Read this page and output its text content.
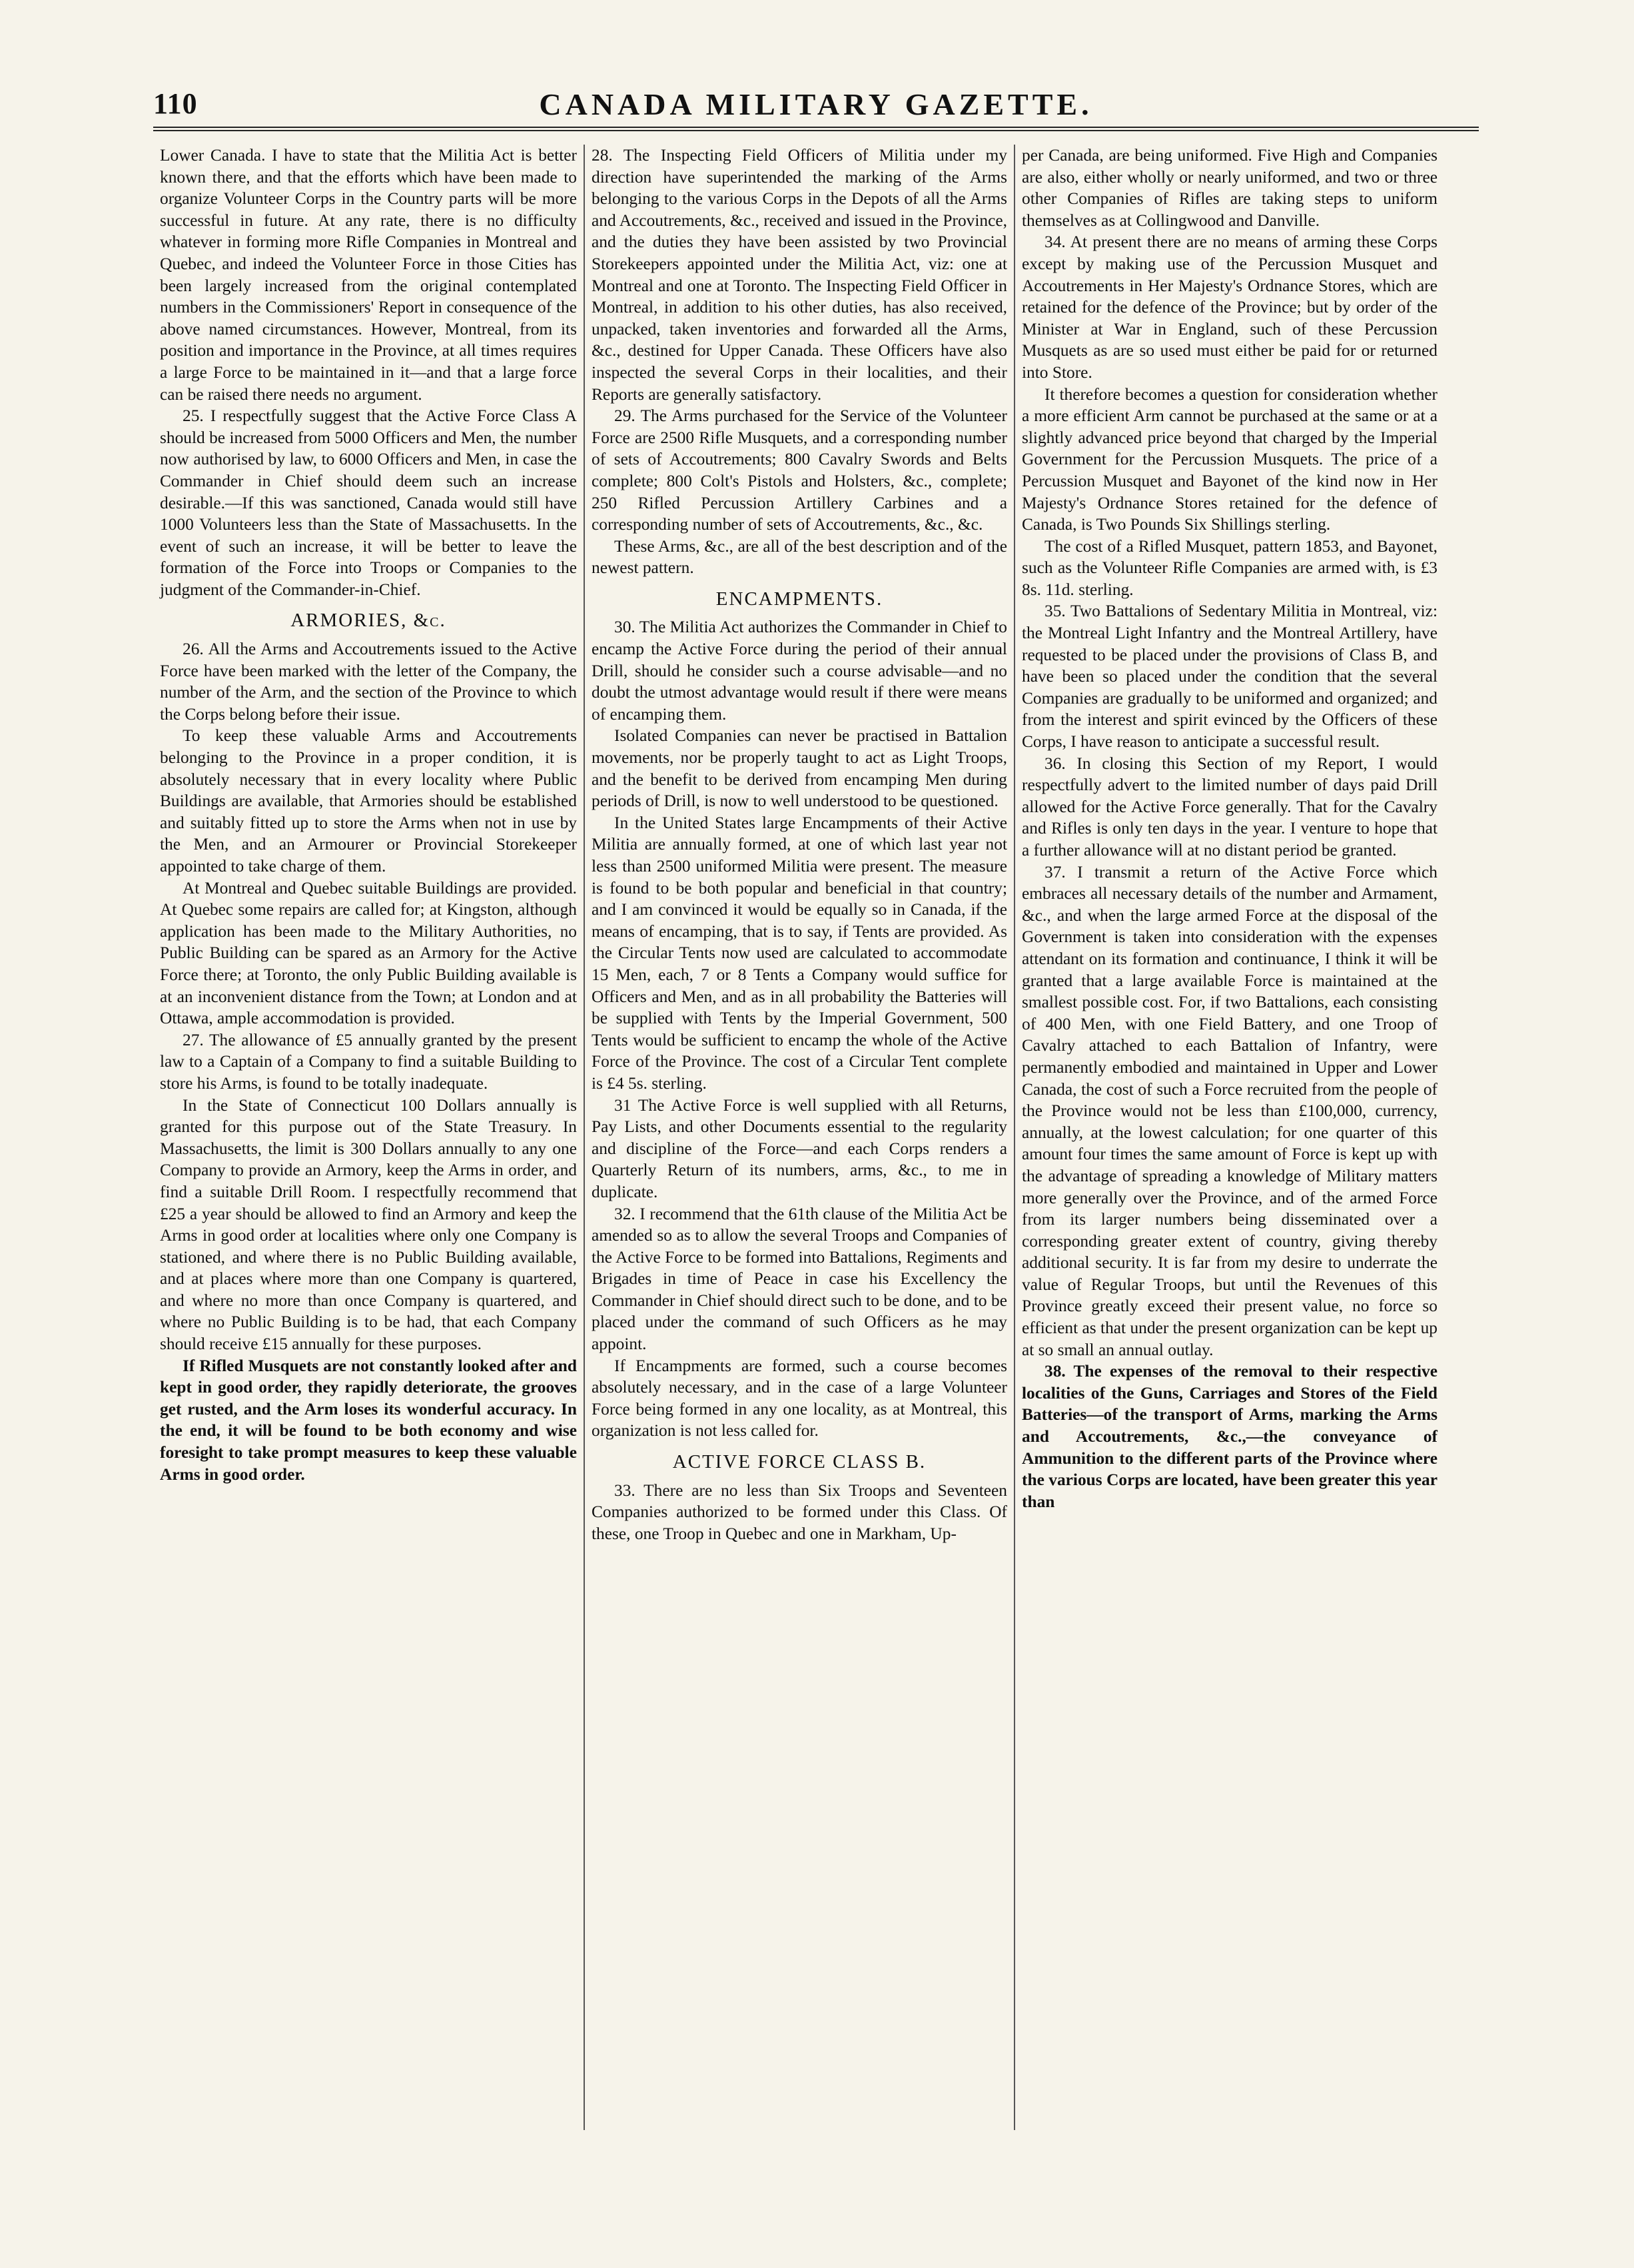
110	CANADA MILITARY GAZETTE.

Lower Canada. I have to state that the Militia Act is better known there, and that the efforts which have been made to organize Volunteer Corps in the Country parts will be more successful in future. At any rate, there is no difficulty whatever in forming more Rifle Companies in Montreal and Quebec, and indeed the Volunteer Force in those Cities has been largely increased from the original contemplated numbers in the Commissioners' Report in consequence of the above named circumstances. However, Montreal, from its position and importance in the Province, at all times requires a large Force to be maintained in it—and that a large force can be raised there needs no argument.

25. I respectfully suggest that the Active Force Class A should be increased from 5000 Officers and Men, the number now authorised by law, to 6000 Officers and Men, in case the Commander in Chief should deem such an increase desirable.—If this was sanctioned, Canada would still have 1000 Volunteers less than the State of Massachusetts. In the event of such an increase, it will be better to leave the formation of the Force into Troops or Companies to the judgment of the Commander-in-Chief.

ARMORIES, &c.

26. All the Arms and Accoutrements issued to the Active Force have been marked with the letter of the Company, the number of the Arm, and the section of the Province to which the Corps belong before their issue.

To keep these valuable Arms and Accoutrements belonging to the Province in a proper condition, it is absolutely necessary that in every locality where Public Buildings are available, that Armories should be established and suitably fitted up to store the Arms when not in use by the Men, and an Armourer or Provincial Storekeeper appointed to take charge of them.

At Montreal and Quebec suitable Buildings are provided. At Quebec some repairs are called for; at Kingston, although application has been made to the Military Authorities, no Public Building can be spared as an Armory for the Active Force there; at Toronto, the only Public Building available is at an inconvenient distance from the Town; at London and at Ottawa, ample accommodation is provided.

27. The allowance of £5 annually granted by the present law to a Captain of a Company to find a suitable Building to store his Arms, is found to be totally inadequate.

In the State of Connecticut 100 Dollars annually is granted for this purpose out of the State Treasury. In Massachusetts, the limit is 300 Dollars annually to any one Company to provide an Armory, keep the Arms in order, and find a suitable Drill Room. I respectfully recommend that £25 a year should be allowed to find an Armory and keep the Arms in good order at localities where only one Company is stationed, and where there is no Public Building available, and at places where more than one Company is quartered, and where no more than once Company is quartered, and where no Public Building is to be had, that each Company should receive £15 annually for these purposes.

If Rifled Musquets are not constantly looked after and kept in good order, they rapidly deteriorate, the grooves get rusted, and the Arm loses its wonderful accuracy. In the end, it will be found to be both economy and wise foresight to take prompt measures to keep these valuable Arms in good order.

28. The Inspecting Field Officers of Militia under my direction have superintended the marking of the Arms belonging to the various Corps in the Depots of all the Arms and Accoutrements, &c., received and issued in the Province, and the duties they have been assisted by two Provincial Storekeepers appointed under the Militia Act, viz: one at Montreal and one at Toronto. The Inspecting Field Officer in Montreal, in addition to his other duties, has also received, unpacked, taken inventories and forwarded all the Arms, &c., destined for Upper Canada. These Officers have also inspected the several Corps in their localities, and their Reports are generally satisfactory.

29. The Arms purchased for the Service of the Volunteer Force are 2500 Rifle Musquets, and a corresponding number of sets of Accoutrements; 800 Cavalry Swords and Belts complete; 800 Colt's Pistols and Holsters, &c., complete; 250 Rifled Percussion Artillery Carbines and a corresponding number of sets of Accoutrements, &c., &c.

These Arms, &c., are all of the best description and of the newest pattern.

ENCAMPMENTS.

30. The Militia Act authorizes the Commander in Chief to encamp the Active Force during the period of their annual Drill, should he consider such a course advisable—and no doubt the utmost advantage would result if there were means of encamping them.

Isolated Companies can never be practised in Battalion movements, nor be properly taught to act as Light Troops, and the benefit to be derived from encamping Men during periods of Drill, is now to well understood to be questioned.

In the United States large Encampments of their Active Militia are annually formed, at one of which last year not less than 2500 uniformed Militia were present. The measure is found to be both popular and beneficial in that country; and I am convinced it would be equally so in Canada, if the means of encamping, that is to say, if Tents are provided. As the Circular Tents now used are calculated to accommodate 15 Men, each, 7 or 8 Tents a Company would suffice for Officers and Men, and as in all probability the Batteries will be supplied with Tents by the Imperial Government, 500 Tents would be sufficient to encamp the whole of the Active Force of the Province. The cost of a Circular Tent complete is £4 5s. sterling.

31 The Active Force is well supplied with all Returns, Pay Lists, and other Documents essential to the regularity and discipline of the Force—and each Corps renders a Quarterly Return of its numbers, arms, &c., to me in duplicate.

32. I recommend that the 61th clause of the Militia Act be amended so as to allow the several Troops and Companies of the Active Force to be formed into Battalions, Regiments and Brigades in time of Peace in case his Excellency the Commander in Chief should direct such to be done, and to be placed under the command of such Officers as he may appoint.

If Encampments are formed, such a course becomes absolutely necessary, and in the case of a large Volunteer Force being formed in any one locality, as at Montreal, this organization is not less called for.

ACTIVE FORCE CLASS B.

33. There are no less than Six Troops and Seventeen Companies authorized to be formed under this Class. Of these, one Troop in Quebec and one in Markham, Up-

per Canada, are being uniformed. Five High and Companies are also, either wholly or nearly uniformed, and two or three other Companies of Rifles are taking steps to uniform themselves as at Collingwood and Danville.

34. At present there are no means of arming these Corps except by making use of the Percussion Musquet and Accoutrements in Her Majesty's Ordnance Stores, which are retained for the defence of the Province; but by order of the Minister at War in England, such of these Percussion Musquets as are so used must either be paid for or returned into Store.

It therefore becomes a question for consideration whether a more efficient Arm cannot be purchased at the same or at a slightly advanced price beyond that charged by the Imperial Government for the Percussion Musquets. The price of a Percussion Musquet and Bayonet of the kind now in Her Majesty's Ordnance Stores retained for the defence of Canada, is Two Pounds Six Shillings sterling.

The cost of a Rifled Musquet, pattern 1853, and Bayonet, such as the Volunteer Rifle Companies are armed with, is £3 8s. 11d. sterling.

35. Two Battalions of Sedentary Militia in Montreal, viz: the Montreal Light Infantry and the Montreal Artillery, have requested to be placed under the provisions of Class B, and have been so placed under the condition that the several Companies are gradually to be uniformed and organized; and from the interest and spirit evinced by the Officers of these Corps, I have reason to anticipate a successful result.

36. In closing this Section of my Report, I would respectfully advert to the limited number of days paid Drill allowed for the Active Force generally. That for the Cavalry and Rifles is only ten days in the year. I venture to hope that a further allowance will at no distant period be granted.

37. I transmit a return of the Active Force which embraces all necessary details of the number and Armament, &c., and when the large armed Force at the disposal of the Government is taken into consideration with the expenses attendant on its formation and continuance, I think it will be granted that a large available Force is maintained at the smallest possible cost. For, if two Battalions, each consisting of 400 Men, with one Field Battery, and one Troop of Cavalry attached to each Battalion of Infantry, were permanently embodied and maintained in Upper and Lower Canada, the cost of such a Force recruited from the people of the Province would not be less than £100,000, currency, annually, at the lowest calculation; for one quarter of this amount four times the same amount of Force is kept up with the advantage of spreading a knowledge of Military matters more generally over the Province, and of the armed Force from its larger numbers being disseminated over a corresponding greater extent of country, giving thereby additional security. It is far from my desire to underrate the value of Regular Troops, but until the Revenues of this Province greatly exceed their present value, no force so efficient as that under the present organization can be kept up at so small an annual outlay.

38. The expenses of the removal to their respective localities of the Guns, Carriages and Stores of the Field Batteries—of the transport of Arms, marking the Arms and Accoutrements, &c.,—the conveyance of Ammunition to the different parts of the Province where the various Corps are located, have been greater this year than
